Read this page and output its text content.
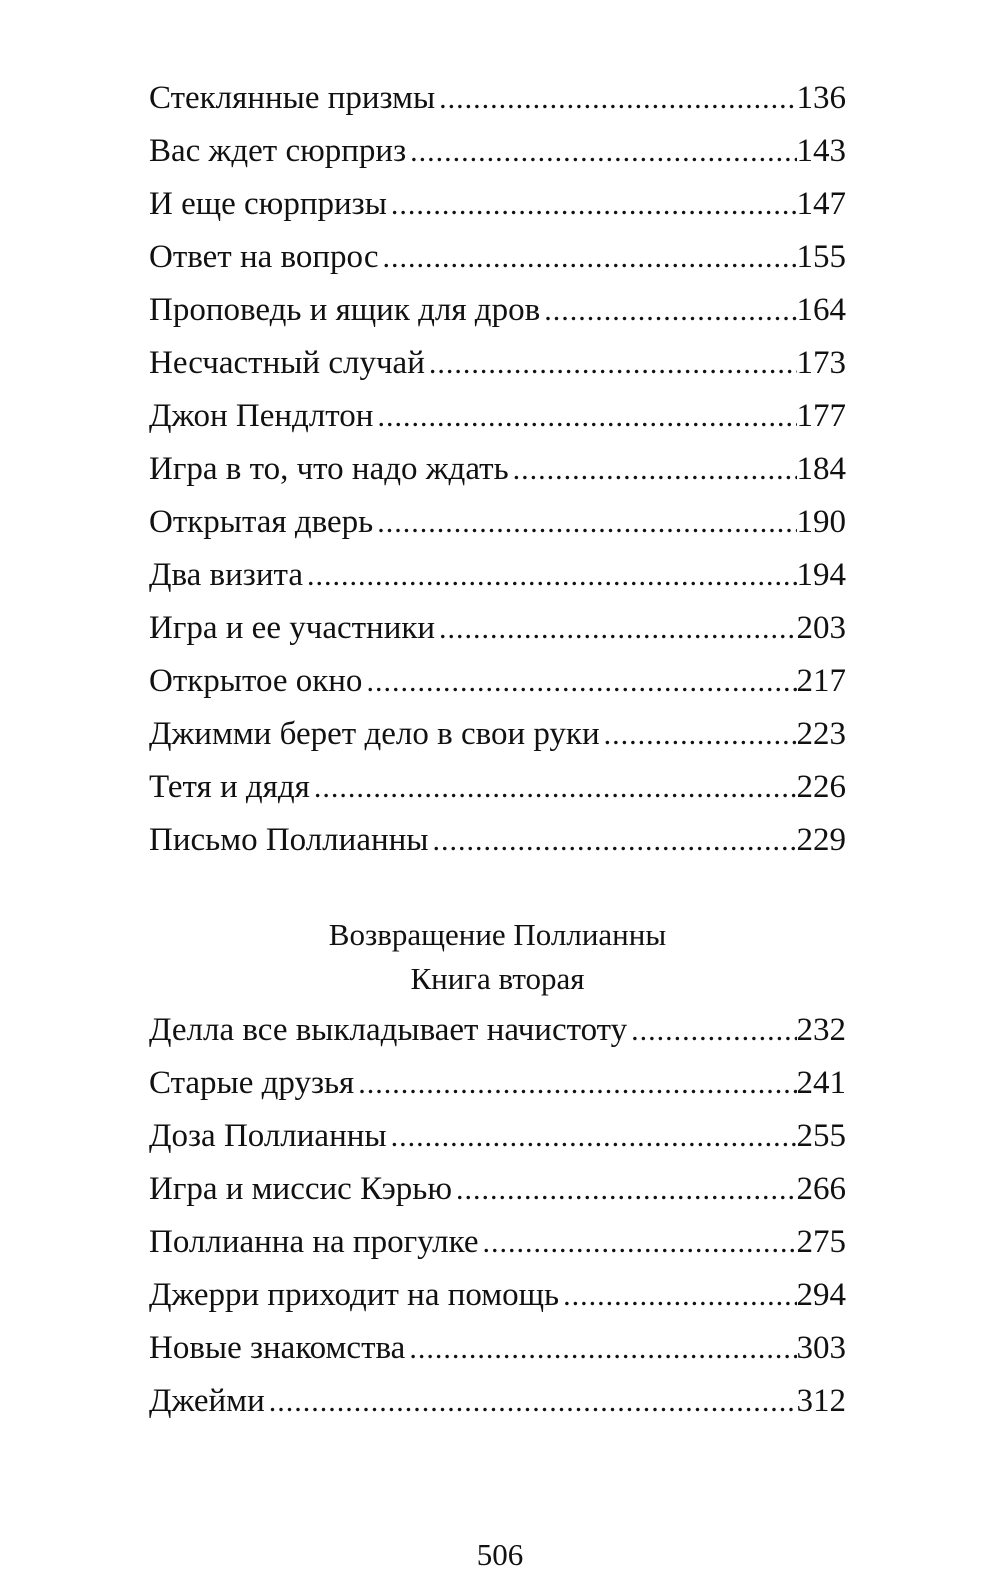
Стеклянные призмы .....	136
Вас ждет сюрприз .....	143
И еще сюрпризы .....	147
Ответ на вопрос .....	155
Проповедь и ящик для дров .....	164
Несчастный случай .....	173
Джон Пендлтон .....	177
Игра в то, что надо ждать .....	184
Открытая дверь .....	190
Два визита .....	194
Игра и ее участники .....	203
Открытое окно .....	217
Джимми берет дело в свои руки .....	223
Тетя и дядя .....	226
Письмо Поллианны .....	229
Возвращение Поллианны
Книга вторая
Делла все выкладывает начистоту .....	232
Старые друзья .....	241
Доза Поллианны .....	255
Игра и миссис Кэрью .....	266
Поллианна на прогулке .....	275
Джерри приходит на помощь .....	294
Новые знакомства .....	303
Джейми .....	312
506
